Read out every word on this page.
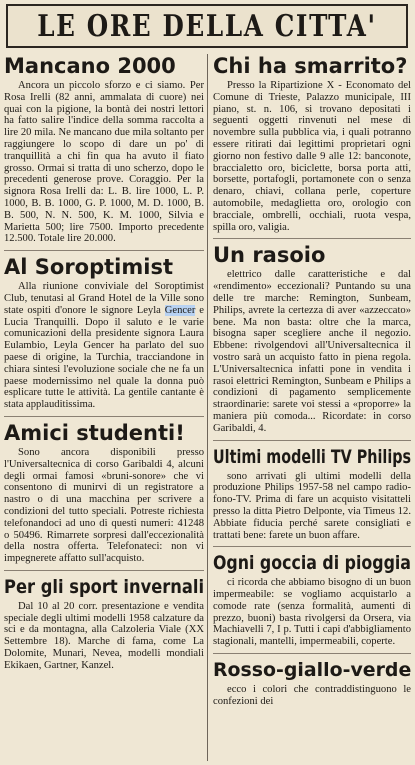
LE ORE DELLA CITTA'
Mancano 2000

Ancora un piccolo sforzo e ci siamo. Per Rosa Irelli (82 anni, ammalata di cuore) nei quai con la pigione, la bontà dei nostri lettori ha fatto salire l'indice della somma raccolta a lire 20 mila. Ne mancano due mila soltanto per raggiungere lo scopo di dare un po' di tranquillità a chi fin qua ha avuto il fiato grosso. Ormai si tratta di uno scherzo, dopo le precedenti generose prove. Coraggio. Per la signora Rosa Irelli da: L. B. lire 1000, L. P. 1000, B. B. 1000, G. P. 1000, M. D. 1000, B. B. 500, N. N. 500, K. M. 1000, Silvia e Marietta 500; lire 7500. Importo precedente 12.500. Totale lire 20.000.

Al Soroptimist

Alla riunione conviviale del Soroptimist Club, tenutasi al Grand Hotel de la Ville sono state ospiti d'onore le signore Leyla Gencer e Lucia Tranquilli. Dopo il saluto e le varie comunicazioni della presidente signora Laura Eulambio, Leyla Gencer ha parlato del suo paese di origine, la Turchia, tracciandone in chiara sintesi l'evoluzione sociale che ne fa un paese modernissimo nel quale la donna può esplicare tutte le attività. La gentile cantante è stata applauditissima.

Amici studenti!

Sono ancora disponibili presso l'Universaltecnica di corso Garibaldi 4, alcuni degli ormai famosi «bruni-sonore» che vi consentono di munirvi di un registratore a nastro o di una macchina per scrivere a condizioni del tutto speciali. Potreste richiesta telefonandoci ad uno di questi numeri: 41248 o 50496. Rimarrete sorpresi dall'eccezionalità della nostra offerta. Telefonateci: non vi impegnerete affatto sull'acquisto.

Per gli sport invernali

Dal 10 al 20 corr. presentazione e vendita speciale degli ultimi modelli 1958 calzature da sci e da montagna, alla Calzoleria Viale (XX Settembre 18). Marche di fama, come La Dolomite, Munari, Nevea, modelli mondiali Ekikaen, Gartner, Kanzel.

Chi ha smarrito?

Presso la Ripartizione X - Economato del Comune di Trieste, Palazzo municipale, III piano, st. n. 106, si trovano depositati i seguenti oggetti rinvenuti nel mese di novembre sulla pubblica via, i quali potranno essere ritirati dai legittimi proprietari ogni giorno non festivo dalle 9 alle 12: banconote, braccialetto oro, biciclette, borsa porta atti, borsette, portafogli, portamonete con o senza denaro, chiavi, collana perle, coperture automobile, medaglietta oro, orologio con bracciale, ombrelli, occhiali, ruota vespa, spilla oro, valigia.

Un rasoio

elettrico dalle caratteristiche e dal «rendimento» eccezionali? Puntando su una delle tre marche: Remington, Sunbeam, Philips, avrete la certezza di aver «azzeccato» bene. Ma non basta: oltre che la marca, bisogna saper scegliere anche il negozio. Ebbene: rivolgendovi all'Universaltecnica il vostro sarà un acquisto fatto in piena regola. L'Universaltecnica infatti pone in vendita i rasoi elettrici Remington, Sunbeam e Philips a condizioni di pagamento semplicemente straordinarie: sarete voi stessi a «proporre» la maniera più comoda... Ricordate: in corso Garibaldi, 4.

Ultimi modelli TV Philips

sono arrivati gli ultimi modelli della produzione Philips 1957-58 nel campo radio-fono-TV. Prima di fare un acquisto visitatteli presso la ditta Pietro Delponte, via Timeus 12. Abbiate fiducia perché sarete consigliati e trattati bene: farete un buon affare.

Ogni goccia di pioggia

ci ricorda che abbiamo bisogno di un buon impermeabile: se vogliamo acquistarlo a comode rate (senza formalità, aumenti di prezzo, buoni) basta rivolgersi da Orsera, via Machiavelli 7, I p. Tutti i capi d'abbigliamento stagionali, mantelli, impermeabili, coperte.

Rosso-giallo-verde

ecco i colori che contraddistinguono le confezioni dei
